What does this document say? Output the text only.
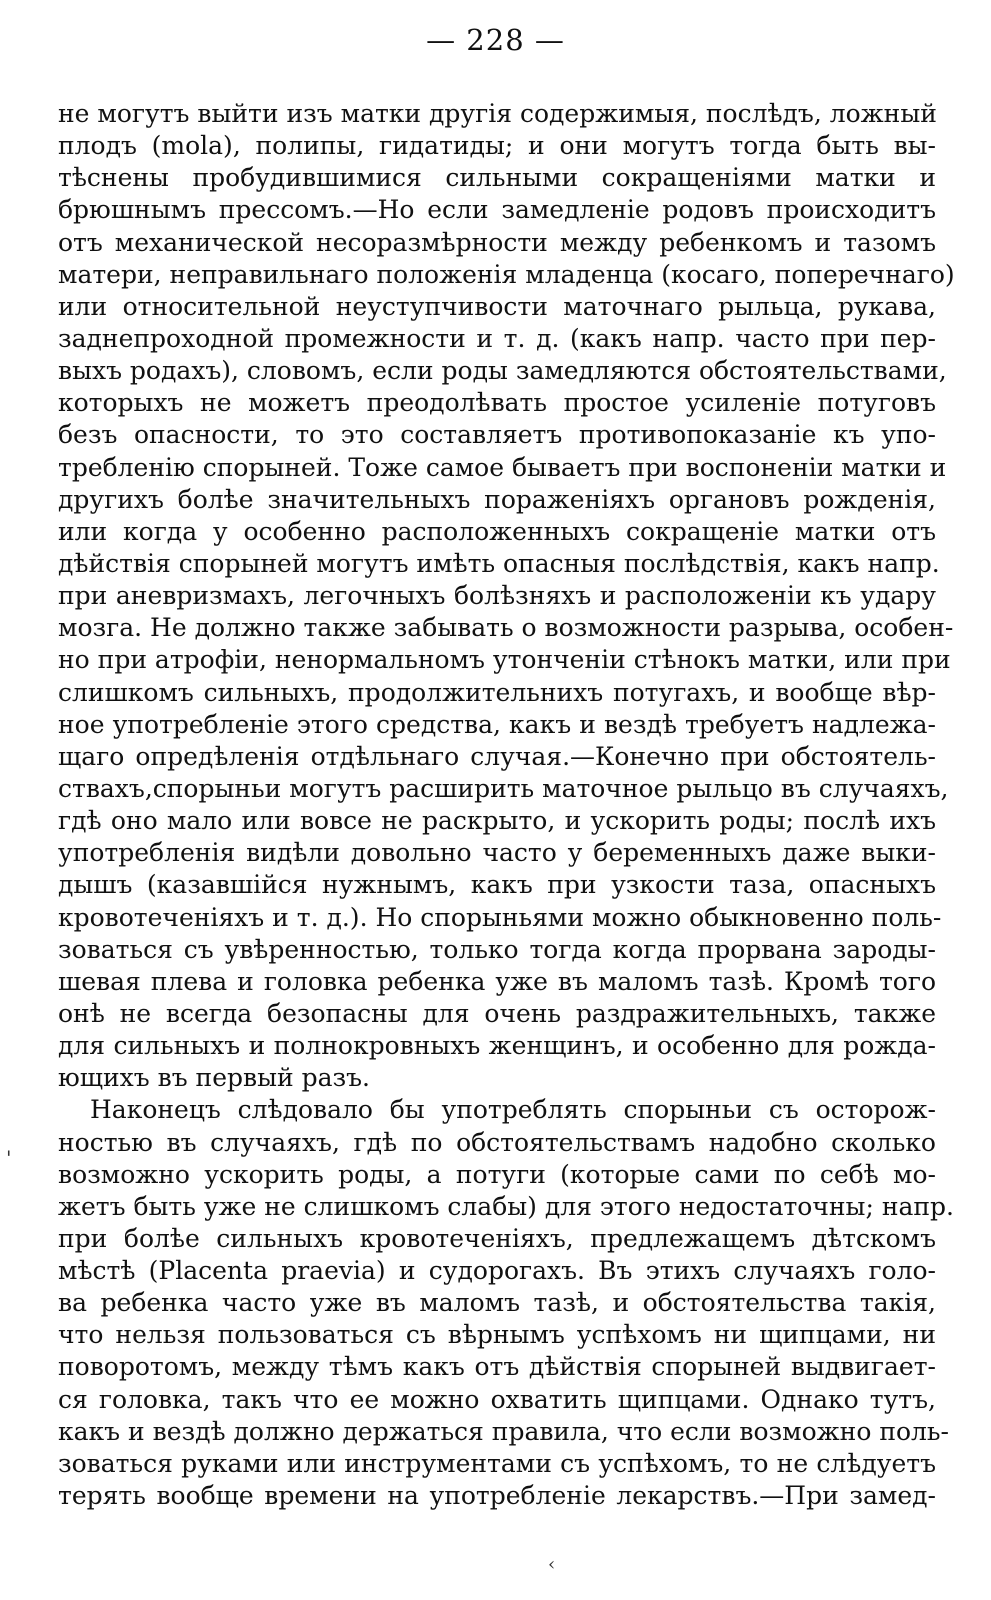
— 228 —
не могутъ выйти изъ матки другія содержимыя, послѣдъ, ложный
плодъ (mola), полипы, гидатиды; и они могутъ тогда быть вы-
тѣснены пробудившимися сильными сокращеніями матки и
брюшнымъ прессомъ.—Но если замедленіе родовъ происходитъ
отъ механической несоразмѣрности между ребенкомъ и тазомъ
матери, неправильнаго положенія младенца (косаго, поперечнаго)
или относительной неуступчивости маточнаго рыльца, рукава,
заднепроходной промежности и т. д. (какъ напр. часто при пер-
выхъ родахъ), словомъ, если роды замедляются обстоятельствами,
которыхъ не можетъ преодолѣвать простое усиленіе потуговъ
безъ опасности, то это составляетъ противопоказаніе къ упо-
требленію спорыней. Тоже самое бываетъ при воспоненіи матки и
другихъ болѣе значительныхъ пораженіяхъ органовъ рожденія,
или когда у особенно расположенныхъ сокращеніе матки отъ
дѣйствія спорыней могутъ имѣть опасныя послѣдствія, какъ напр.
при аневризмахъ, легочныхъ болѣзняхъ и расположеніи къ удару
мозга. Не должно также забывать о возможности разрыва, особен-
но при атрофіи, ненормальномъ утонченіи стѣнокъ матки, или при
слишкомъ сильныхъ, продолжительнихъ потугахъ, и вообще вѣр-
ное употребленіе этого средства, какъ и вездѣ требуетъ надлежа-
щаго опредѣленія отдѣльнаго случая.—Конечно при обстоятель-
ствахъ,спорыньи могутъ расширить маточное рыльцо въ случаяхъ,
гдѣ оно мало или вовсе не раскрыто, и ускорить роды; послѣ ихъ
употребленія видѣли довольно часто у беременныхъ даже выки-
дышъ (казавшійся нужнымъ, какъ при узкости таза, опасныхъ
кровотеченіяхъ и т. д.). Но спорыньями можно обыкновенно поль-
зоваться съ увѣренностью, только тогда когда прорвана зароды-
шевая плева и головка ребенка уже въ маломъ тазѣ. Кромѣ того
онѣ не всегда безопасны для очень раздражительныхъ, также
для сильныхъ и полнокровныхъ женщинъ, и особенно для рожда-
ющихъ въ первый разъ.
Наконецъ слѣдовало бы употреблять спорыньи съ осторож-
ностью въ случаяхъ, гдѣ по обстоятельствамъ надобно сколько
возможно ускорить роды, а потуги (которые сами по себѣ мо-
жетъ быть уже не слишкомъ слабы) для этого недостаточны; напр.
при болѣе сильныхъ кровотеченіяхъ, предлежащемъ дѣтскомъ
мѣстѣ (Placenta praevia) и судорогахъ. Въ этихъ случаяхъ голо-
ва ребенка часто уже въ маломъ тазѣ, и обстоятельства такія,
что нельзя пользоваться съ вѣрнымъ успѣхомъ ни щипцами, ни
поворотомъ, между тѣмъ какъ отъ дѣйствія спорыней выдвигает-
ся головка, такъ что ее можно охватить щипцами. Однако тутъ,
какъ и вездѣ должно держаться правила, что если возможно поль-
зоваться руками или инструментами съ успѣхомъ, то не слѣдуетъ
терять вообще времени на употребленіе лекарствъ.—При замед-
'
‹
